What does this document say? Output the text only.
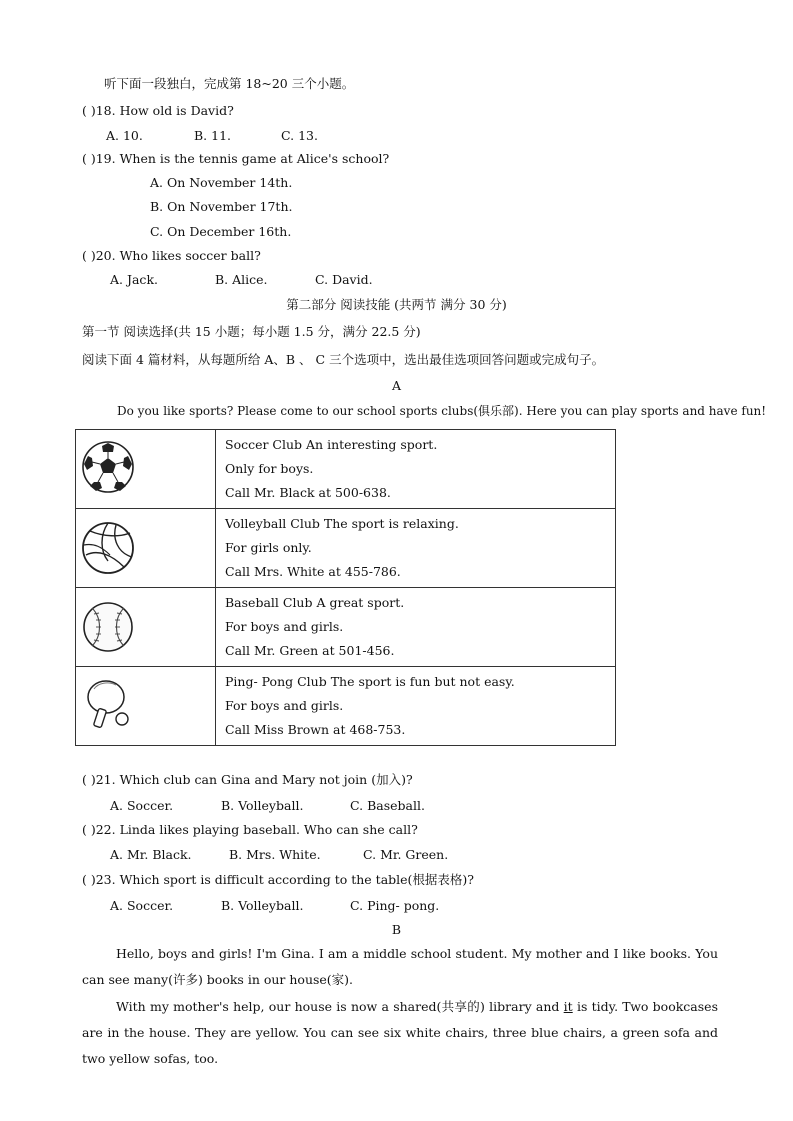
听下面一段独白，完成第 18~20 三个小题。
( )18. How old is David?
A. 10.	B. 11.	C. 13.
( )19. When is the tennis game at Alice's school?
A. On November 14th.
B. On November 17th.
C. On December 16th.
( )20. Who likes soccer ball?
A. Jack.	B. Alice.	C. David.
第二部分 阅读技能 (共两节 满分 30 分)
第一节 阅读选择(共 15 小题；每小题 1.5 分，满分 22.5 分)
阅读下面 4 篇材料，从每题所给 A、B 、 C 三个选项中，选出最佳选项回答问题或完成句子。
A
Do you like sports? Please come to our school sports clubs(俱乐部). Here you can play sports and have fun!

Soccer Club An interesting sport.
Only for boys.
Call Mr. Black at 500-638.

Volleyball Club The sport is relaxing.
For girls only.
Call Mrs. White at 455-786.

Baseball Club A great sport.
For boys and girls.
Call Mr. Green at 501-456.

Ping- Pong Club The sport is fun but not easy.
For boys and girls.
Call Miss Brown at 468-753.
( )21. Which club can Gina and Mary not join (加入)?
A. Soccer.	B. Volleyball.	C. Baseball.
( )22. Linda likes playing baseball. Who can she call?
A. Mr. Black.	B. Mrs. White.	C. Mr. Green.
( )23. Which sport is difficult according to the table(根据表格)?
A. Soccer.	B. Volleyball.	C. Ping- pong.
B
Hello, boys and girls! I'm Gina. I am a middle school student. My mother and I like books. You can see many(许多) books in our house(家).
With my mother's help, our house is now a shared(共享的) library and it is tidy. Two bookcases are in the house. They are yellow. You can see six white chairs, three blue chairs, a green sofa and two yellow sofas, too.
